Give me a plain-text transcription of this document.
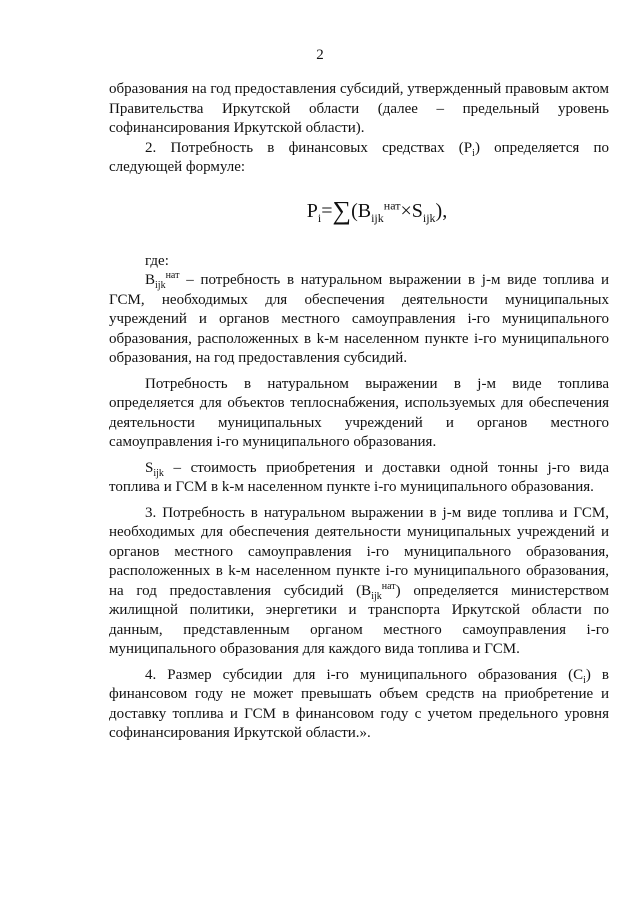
2

образования на год предоставления субсидий, утвержденный правовым актом Правительства Иркутской области (далее – предельный уровень софинансирования Иркутской области).

2. Потребность в финансовых средствах $(P_i)$ определяется по следующей формуле:

$P_i=\sum(B_{ijk}^{нат}\times S_{ijk})$,

где:

$B_{ijk}^{нат}$ – потребность в натуральном выражении в j-м виде топлива и ГСМ, необходимых для обеспечения деятельности муниципальных учреждений и органов местного самоуправления i-го муниципального образования, расположенных в k-м населенном пункте i-го муниципального образования, на год предоставления субсидий.

Потребность в натуральном выражении в j-м виде топлива определяется для объектов теплоснабжения, используемых для обеспечения деятельности муниципальных учреждений и органов местного самоуправления i-го муниципального образования.

$S_{ijk}$ – стоимость приобретения и доставки одной тонны j-го вида топлива и ГСМ в k-м населенном пункте i-го муниципального образования.

3. Потребность в натуральном выражении в j-м виде топлива и ГСМ, необходимых для обеспечения деятельности муниципальных учреждений и органов местного самоуправления i-го муниципального образования, расположенных в k-м населенном пункте i-го муниципального образования, на год предоставления субсидий $(B_{ijk}^{нат})$ определяется министерством жилищной политики, энергетики и транспорта Иркутской области по данным, представленным органом местного самоуправления i-го муниципального образования для каждого вида топлива и ГСМ.

4. Размер субсидии для i-го муниципального образования $(C_i)$ в финансовом году не может превышать объем средств на приобретение и доставку топлива и ГСМ в финансовом году с учетом предельного уровня софинансирования Иркутской области.».
